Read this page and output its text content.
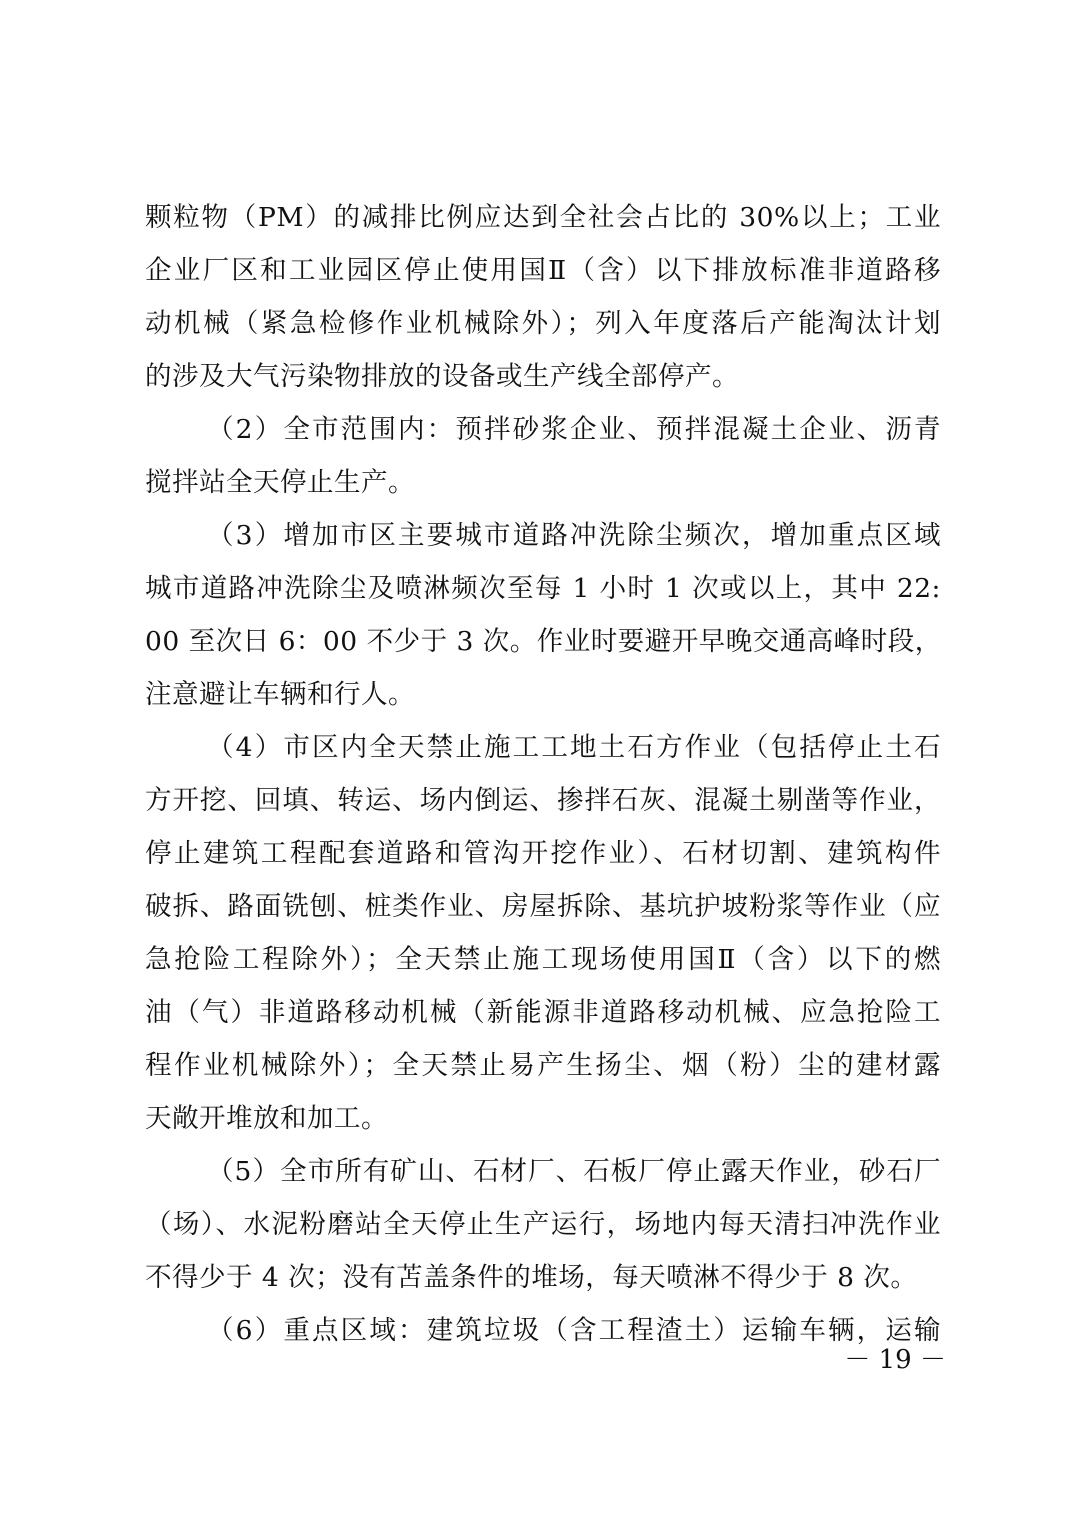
颗粒物（PM）的减排比例应达到全社会占比的 30%以上；工业
企业厂区和工业园区停止使用国Ⅱ（含）以下排放标准非道路移
动机械（紧急检修作业机械除外）；列入年度落后产能淘汰计划
的涉及大气污染物排放的设备或生产线全部停产。
（2）全市范围内：预拌砂浆企业、预拌混凝土企业、沥青
搅拌站全天停止生产。
（3）增加市区主要城市道路冲洗除尘频次，增加重点区域
城市道路冲洗除尘及喷淋频次至每 1 小时 1 次或以上，其中 22:
00 至次日 6：00 不少于 3 次。作业时要避开早晚交通高峰时段，
注意避让车辆和行人。
（4）市区内全天禁止施工工地土石方作业（包括停止土石
方开挖、回填、转运、场内倒运、掺拌石灰、混凝土剔凿等作业，
停止建筑工程配套道路和管沟开挖作业）、石材切割、建筑构件
破拆、路面铣刨、桩类作业、房屋拆除、基坑护坡粉浆等作业（应
急抢险工程除外）；全天禁止施工现场使用国Ⅱ（含）以下的燃
油（气）非道路移动机械（新能源非道路移动机械、应急抢险工
程作业机械除外）；全天禁止易产生扬尘、烟（粉）尘的建材露
天敞开堆放和加工。
（5）全市所有矿山、石材厂、石板厂停止露天作业，砂石厂
（场）、水泥粉磨站全天停止生产运行，场地内每天清扫冲洗作业
不得少于 4 次；没有苫盖条件的堆场，每天喷淋不得少于 8 次。
（6）重点区域：建筑垃圾（含工程渣土）运输车辆，运输
－ 19 －
